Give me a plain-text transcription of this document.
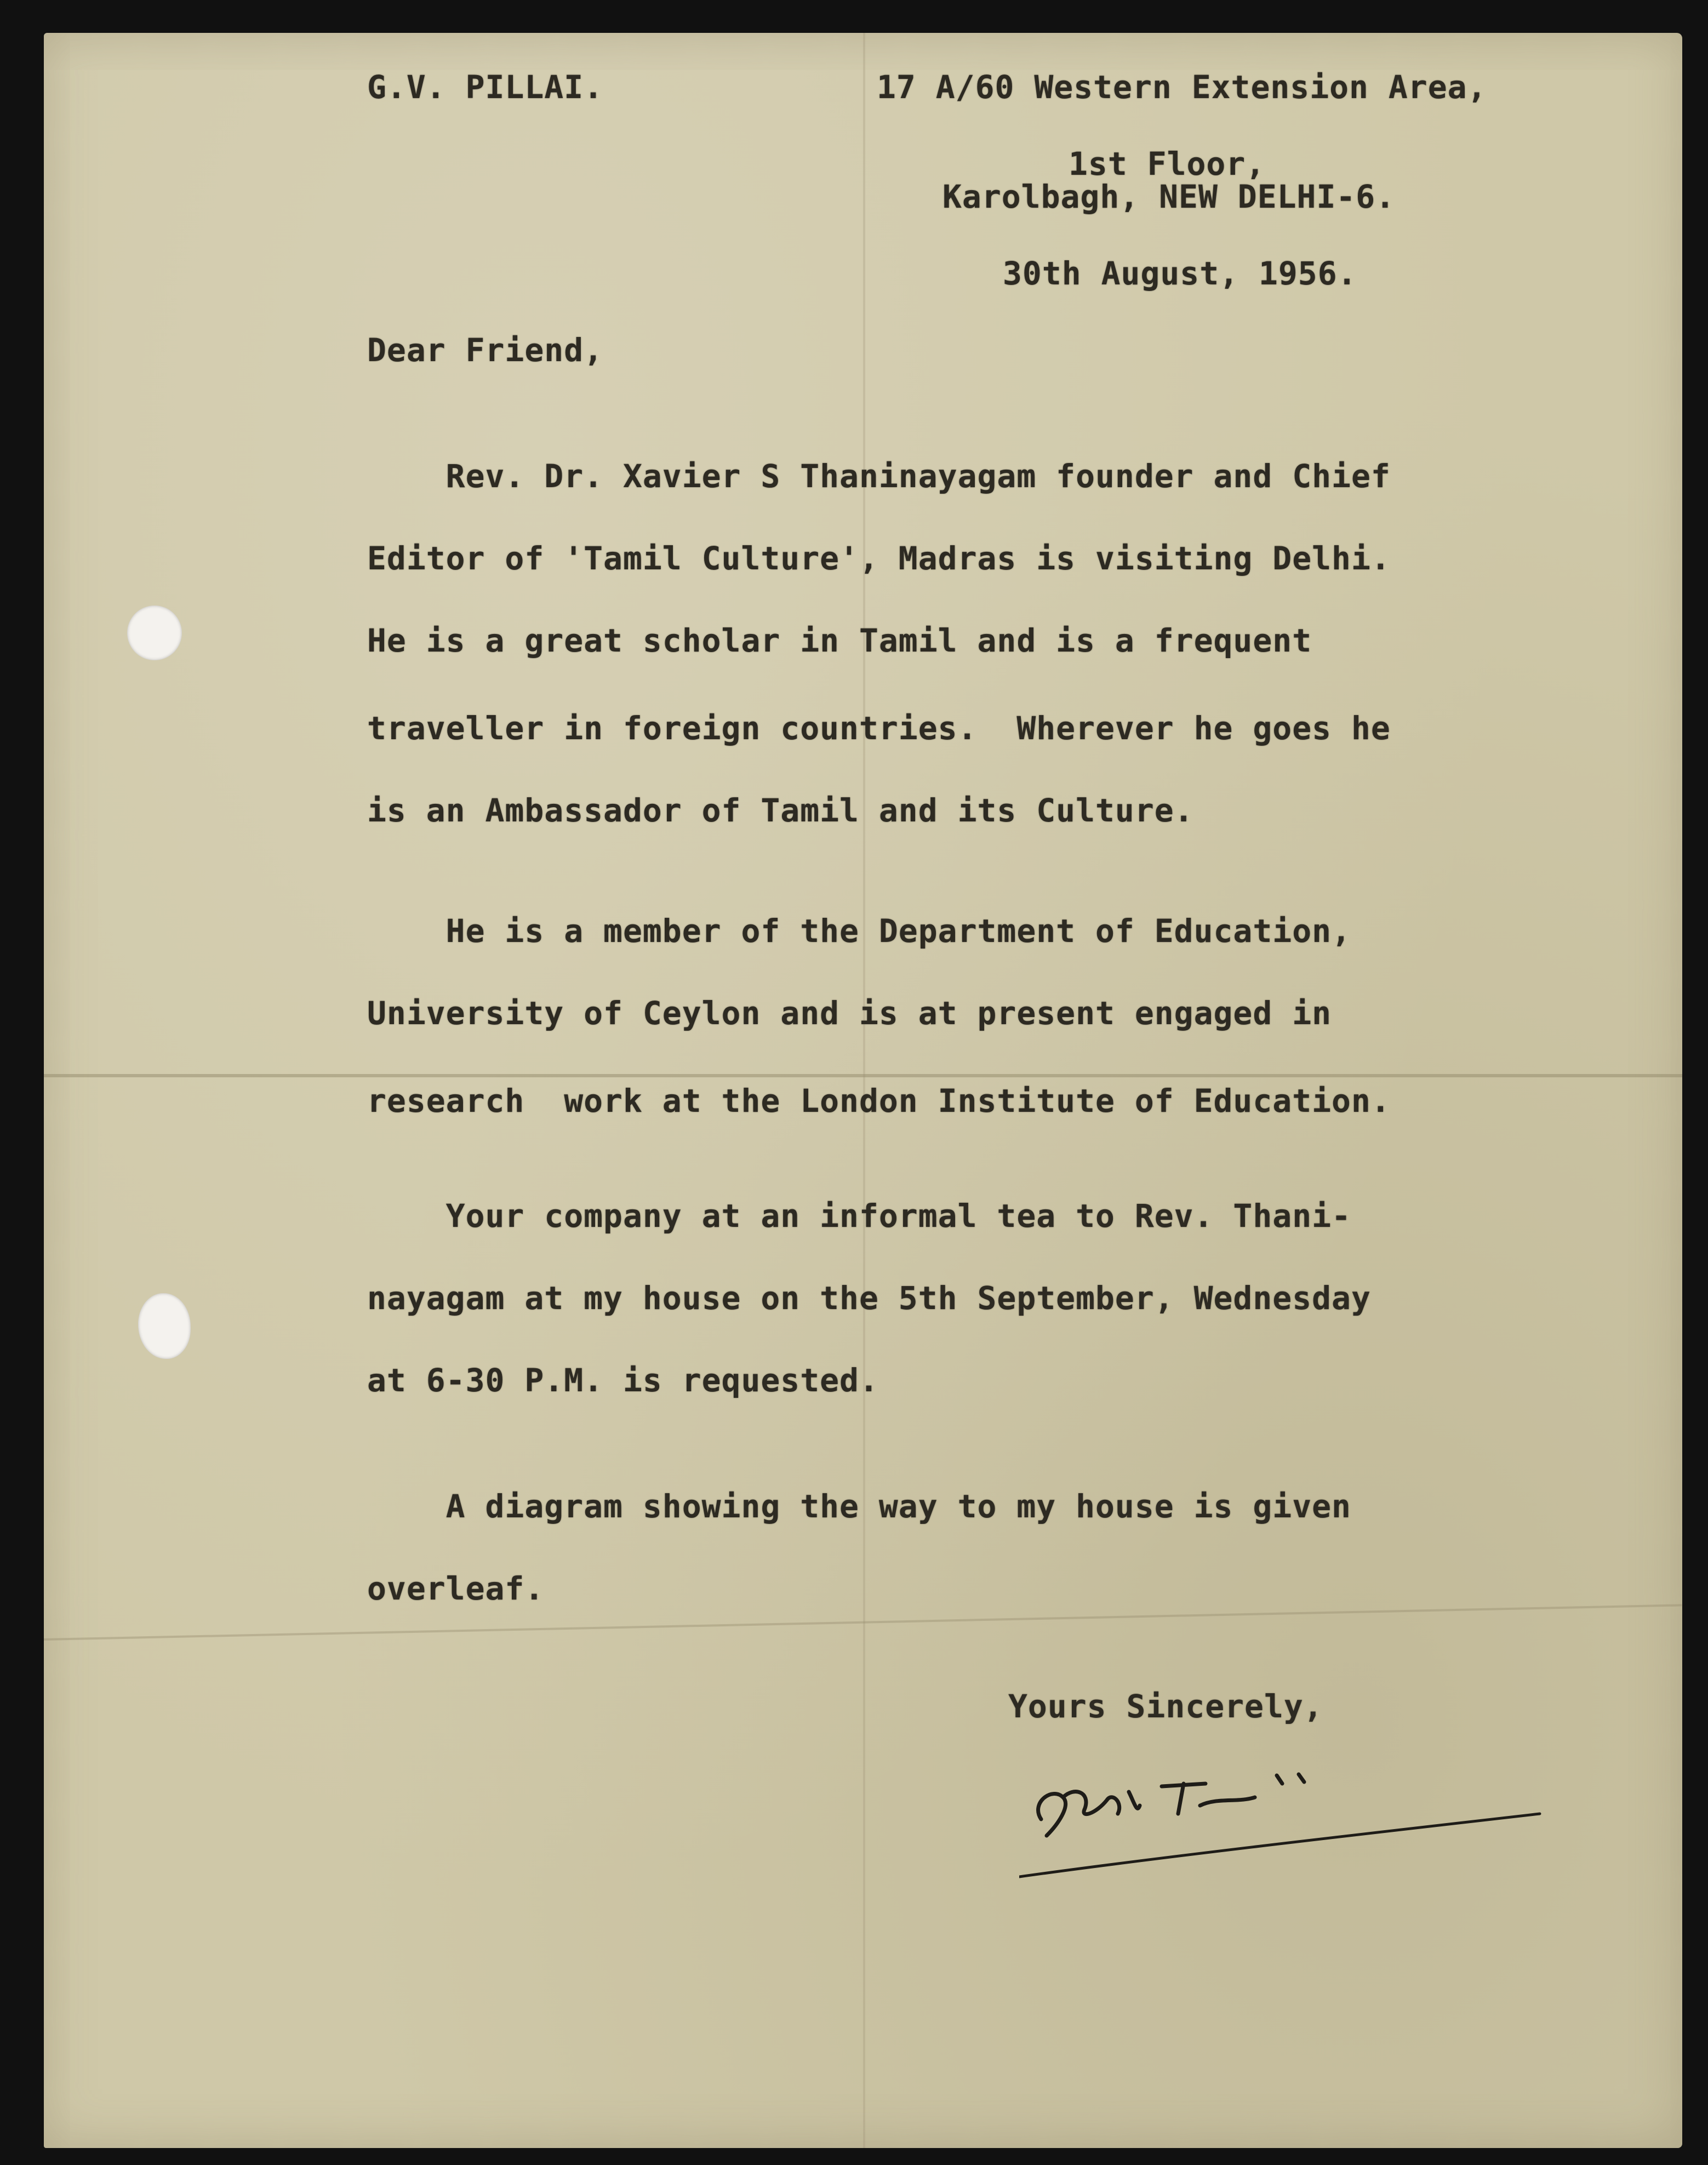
G.V. PILLAI.	17 A/60 Western Extension Area,
1st Floor,
Karolbagh, NEW DELHI-6.
30th August, 1956.
Dear Friend,
Rev. Dr. Xavier S Thaninayagam founder and Chief
Editor of 'Tamil Culture', Madras is visiting Delhi.
He is a great scholar in Tamil and is a frequent
traveller in foreign countries.  Wherever he goes he
is an Ambassador of Tamil and its Culture.
He is a member of the Department of Education,
University of Ceylon and is at present engaged in
research  work at the London Institute of Education.
Your company at an informal tea to Rev. Thani-
nayagam at my house on the 5th September, Wednesday
at 6-30 P.M. is requested.
A diagram showing the way to my house is given
overleaf.
Yours Sincerely,
